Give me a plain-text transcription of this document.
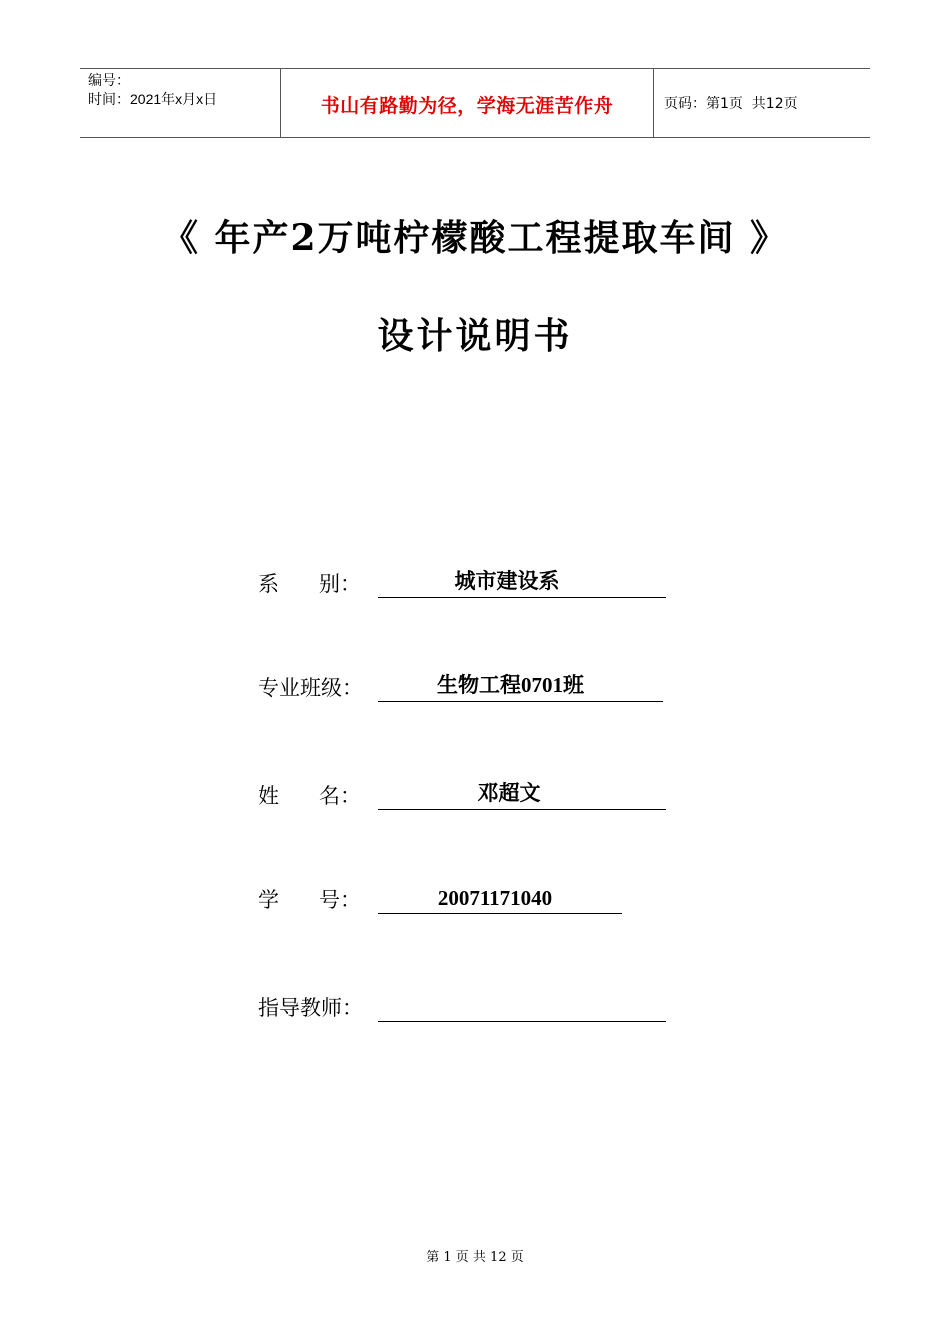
编号：
时间：2021年x月x日	书山有路勤为径，学海无涯苦作舟	页码：第1页  共12页
《 年产2万吨柠檬酸工程提取车间 》
设计说明书
系      别：	城市建设系
专业班级：	生物工程0701班
姓      名：	邓超文
学      号：	20071171040
指导教师：
第 1 页 共 12 页
